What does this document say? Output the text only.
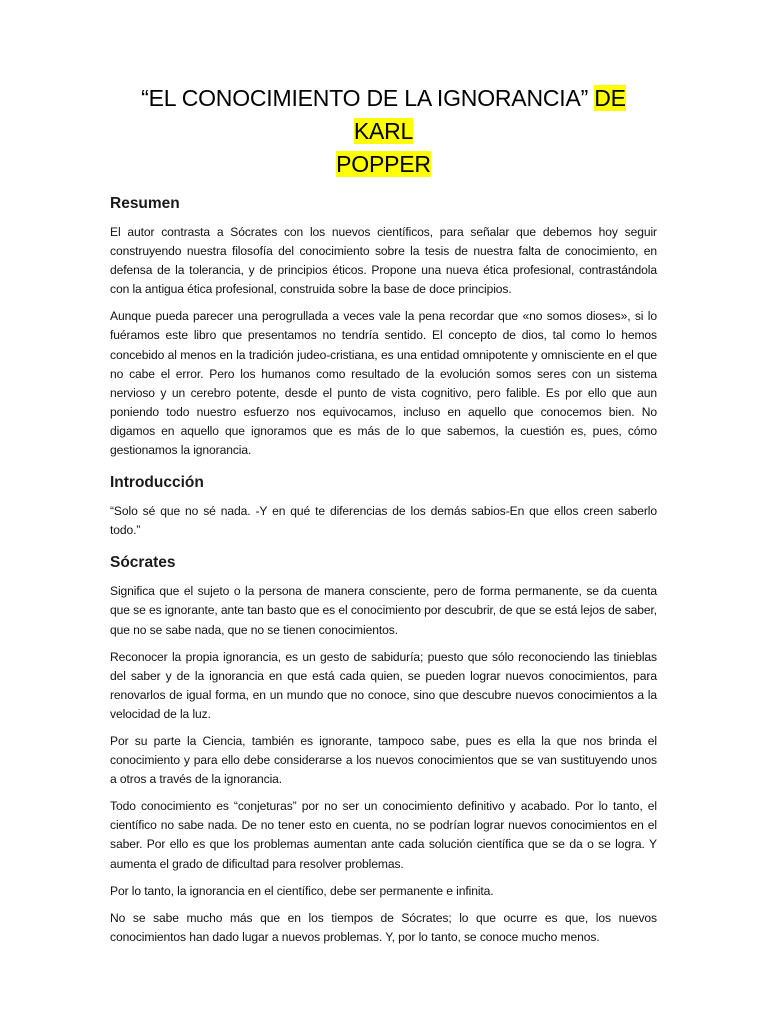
“EL CONOCIMIENTO DE LA IGNORANCIA” DE KARL
POPPER
Resumen

El autor contrasta a Sócrates con los nuevos científicos, para señalar que debemos hoy seguir construyendo nuestra filosofía del conocimiento sobre la tesis de nuestra falta de conocimiento, en defensa de la tolerancia, y de principios éticos. Propone una nueva ética profesional, contrastándola con la antigua ética profesional, construida sobre la base de doce principios.

Aunque pueda parecer una perogrullada a veces vale la pena recordar que «no somos dioses», si lo fuéramos este libro que presentamos no tendría sentido. El concepto de dios, tal como lo hemos concebido al menos en la tradición judeo-cristiana, es una entidad omnipotente y omnisciente en el que no cabe el error. Pero los humanos como resultado de la evolución somos seres con un sistema nervioso y un cerebro potente, desde el punto de vista cognitivo, pero falible. Es por ello que aun poniendo todo nuestro esfuerzo nos equivocamos, incluso en aquello que conocemos bien. No digamos en aquello que ignoramos que es más de lo que sabemos, la cuestión es, pues, cómo gestionamos la ignorancia.

Introducción

“Solo sé que no sé nada. -Y en qué te diferencias de los demás sabios-En que ellos creen saberlo todo.”

Sócrates

Significa que el sujeto o la persona de manera consciente, pero de forma permanente, se da cuenta que se es ignorante, ante tan basto que es el conocimiento por descubrir, de que se está lejos de saber, que no se sabe nada, que no se tienen conocimientos.

Reconocer la propia ignorancia, es un gesto de sabiduría; puesto que sólo reconociendo las tinieblas del saber y de la ignorancia en que está cada quien, se pueden lograr nuevos conocimientos, para renovarlos de igual forma, en un mundo que no conoce, sino que descubre nuevos conocimientos a la velocidad de la luz.

Por su parte la Ciencia, también es ignorante, tampoco sabe, pues es ella la que nos brinda el conocimiento y para ello debe considerarse a los nuevos conocimientos que se van sustituyendo unos a otros a través de la ignorancia.

Todo conocimiento es “conjeturas” por no ser un conocimiento definitivo y acabado. Por lo tanto, el científico no sabe nada. De no tener esto en cuenta, no se podrían lograr nuevos conocimientos en el saber. Por ello es que los problemas aumentan ante cada solución científica que se da o se logra. Y aumenta el grado de dificultad para resolver problemas.

Por lo tanto, la ignorancia en el científico, debe ser permanente e infinita.

No se sabe mucho más que en los tiempos de Sócrates; lo que ocurre es que, los nuevos conocimientos han dado lugar a nuevos problemas. Y, por lo tanto, se conoce mucho menos.
